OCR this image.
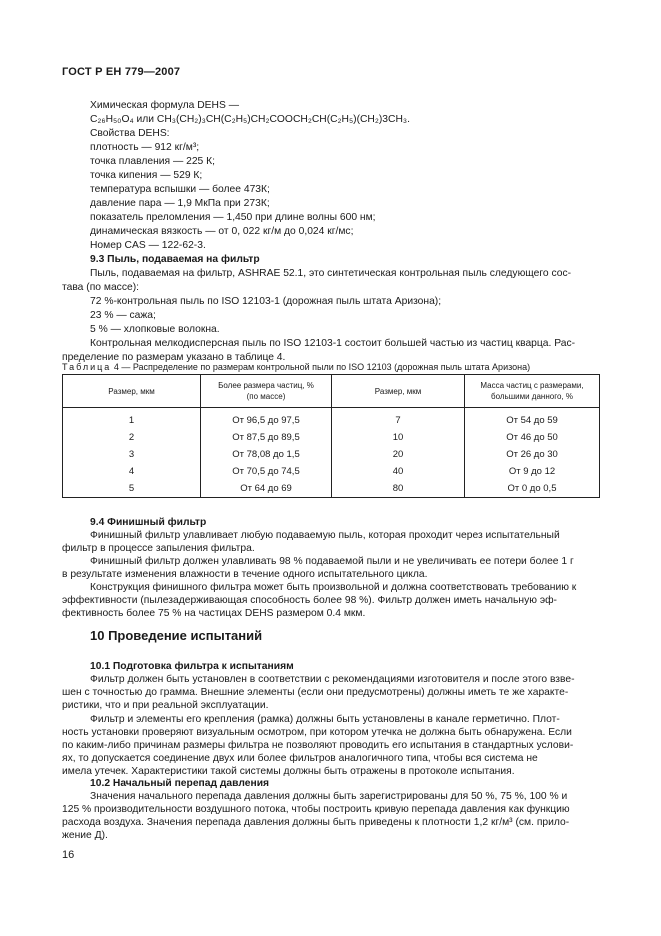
ГОСТ Р ЕН 779—2007
Химическая формула DEHS —
C₂₆H₅₀O₄ или CH₃(CH₂)₃CH(C₂H₅)CH₂COOCH₂CH(C₂H₅)(CH₂)3CH₃.
Свойства DEHS:
плотность — 912 кг/м³;
точка плавления — 225 К;
точка кипения — 529 К;
температура вспышки — более 473К;
давление пара — 1,9 МкПа при 273К;
показатель преломления — 1,450 при длине волны 600 нм;
динамическая вязкость — от 0, 022 кг/м до 0,024 кг/мс;
Номер CAS — 122-62-3.
9.3 Пыль, подаваемая на фильтр
Пыль, подаваемая на фильтр, ASHRAE 52.1, это синтетическая контрольная пыль следующего сос-
тава (по массе):
72 %-контрольная пыль по ISO 12103-1 (дорожная пыль штата Аризона);
23 % — сажа;
5 % — хлопковые волокна.
Контрольная мелкодисперсная пыль по ISO 12103-1 состоит большей частью из частиц кварца. Рас-
пределение по размерам указано в таблице 4.
Таблица 4 — Распределение по размерам контрольной пыли по ISO 12103 (дорожная пыль штата Аризона)
Размер, мкм	Более размера частиц, %
(по массе)	Размер, мкм	Масса частиц с размерами,
большими данного, %

1	От 96,5 до 97,5	7	От 54 до 59
2	От 87,5 до 89,5	10	От 46 до 50
3	От 78,08 до 1,5	20	От 26 до 30
4	От 70,5 до 74,5	40	От 9 до 12
5	От 64 до 69	80	От 0 до 0,5
9.4 Финишный фильтр
Финишный фильтр улавливает любую подаваемую пыль, которая проходит через испытательный
фильтр в процессе запыления фильтра.
Финишный фильтр должен улавливать 98 % подаваемой пыли и не увеличивать ее потери более 1 г
в результате изменения влажности в течение одного испытательного цикла.
Конструкция финишного фильтра может быть произвольной и должна соответствовать требованию к
эффективности (пылезадерживающая способность более 98 %). Фильтр должен иметь начальную эф-
фективность более 75 % на частицах DEHS размером 0.4 мкм.
10 Проведение испытаний
10.1 Подготовка фильтра к испытаниям
Фильтр должен быть установлен в соответствии с рекомендациями изготовителя и после этого взве-
шен с точностью до грамма. Внешние элементы (если они предусмотрены) должны иметь те же характе-
ристики, что и при реальной эксплуатации.
Фильтр и элементы его крепления (рамка) должны быть установлены в канале герметично. Плот-
ность установки проверяют визуальным осмотром, при котором утечка не должна быть обнаружена. Если
по каким-либо причинам размеры фильтра не позволяют проводить его испытания в стандартных услови-
ях, то допускается соединение двух или более фильтров аналогичного типа, чтобы вся система не
имела утечек. Характеристики такой системы должны быть отражены в протоколе испытания.
10.2 Начальный перепад давления
Значения начального перепада давления должны быть зарегистрированы для 50 %, 75 %, 100 % и
125 % производительности воздушного потока, чтобы построить кривую перепада давления как функцию
расхода воздуха. Значения перепада давления должны быть приведены к плотности 1,2 кг/м³ (см. прило-
жение Д).
16
